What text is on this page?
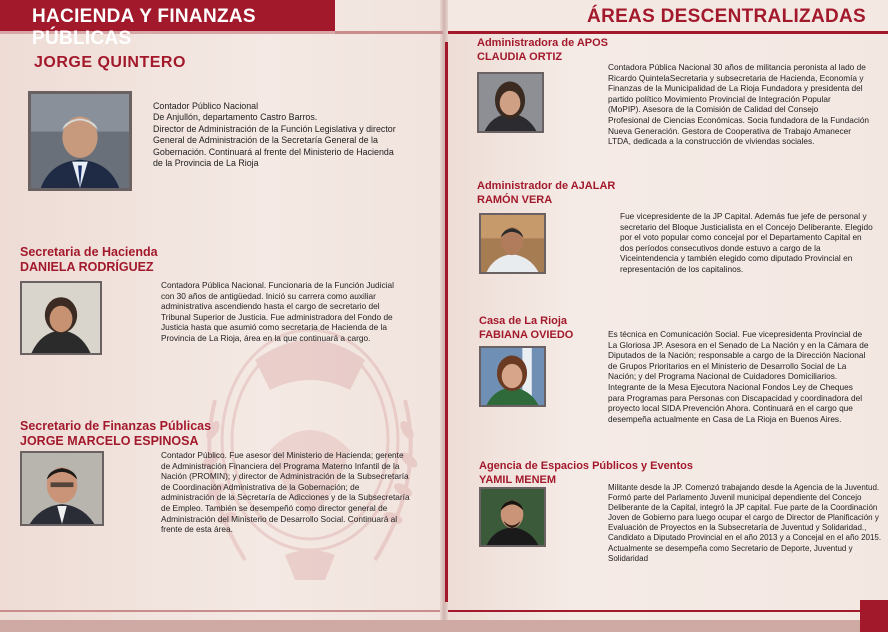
HACIENDA Y FINANZAS PÚBLICAS
ÁREAS DESCENTRALIZADAS
JORGE QUINTERO
Contador Público Nacional
De Anjullón, departamento Castro Barros.
Director de Administración de la Función Legislativa y director
General de Administración de la Secretaría General de la
Gobernación. Continuará al frente del Ministerio de Hacienda
de la Provincia de La Rioja
Secretaria de Hacienda
DANIELA RODRÍGUEZ
Contadora Pública Nacional. Funcionaria de la Función Judicial
con 30 años de antigüedad. Inició su carrera como auxiliar
administrativa ascendiendo hasta el cargo de secretario del
Tribunal Superior de Justicia. Fue administradora del Fondo de
Justicia hasta que asumió como secretaria de Hacienda de la
Provincia de La Rioja, área en la que continuará a cargo.
Secretario de Finanzas Públicas
JORGE MARCELO ESPINOSA
Contador Público. Fue asesor del Ministerio de Hacienda; gerente
de Administración Financiera del Programa Materno Infantil de la
Nación (PROMIN); y director de Administración de la Subsecretaría
de Coordinación Administrativa de la Gobernación; de
administración de la Secretaría de Adicciones y de la Subsecretaría
de Empleo. También se desempeñó como director general de
Administración del Ministerio de Desarrollo Social. Continuará al
frente de esta área.
Administradora de APOS
CLAUDIA ORTIZ
Contadora Pública Nacional 30 años de militancia peronista al lado de
Ricardo QuintelaSecretaria y subsecretaria de Hacienda, Economía y
Finanzas de la Municipalidad de La Rioja Fundadora y presidenta del
partido político Movimiento Provincial de Integración Popular
(MoPIP). Asesora de la Comisión de Calidad del Consejo
Profesional de Ciencias Económicas. Socia fundadora de la Fundación
Nueva Generación. Gestora de Cooperativa de Trabajo Amanecer
LTDA, dedicada a la construcción de viviendas sociales.
Administrador de AJALAR
RAMÓN VERA
Fue vicepresidente de la JP Capital. Además fue jefe de personal y
secretario del Bloque Justicialista en el Concejo Deliberante. Elegido
por el voto popular como concejal por el Departamento Capital en
dos períodos consecutivos donde estuvo a cargo de la
Viceintendencia y también elegido como diputado Provincial en
representación de los capitalinos.
Casa de La Rioja
FABIANA OVIEDO	Es técnica en Comunicación Social. Fue vicepresidenta Provincial de
La Gloriosa JP. Asesora en el Senado de La Nación y en la Cámara de
Diputados de la Nación; responsable a cargo de la Dirección Nacional
de Grupos Prioritarios en el Ministerio de Desarrollo Social de La
Nación; y del Programa Nacional de Cuidadores Domiciliarios.
Integrante de la Mesa Ejecutora Nacional Fondos Ley de Cheques
para Programas para Personas con Discapacidad y coordinadora del
proyecto local SIDA Prevención Ahora. Continuará en el cargo que
desempeña actualmente en Casa de La Rioja en Buenos Aires.
Agencia de Espacios Públicos y Eventos
YAMIL MENEM
Militante desde la JP. Comenzó trabajando desde la Agencia de la Juventud.
Formó parte del Parlamento Juvenil municipal dependiente del Concejo
Deliberante de la Capital, integró la JP capital. Fue parte de la Coordinación
Joven de Gobierno para luego ocupar el cargo de Director de Planificación y
Evaluación de Proyectos en la Subsecretaría de Juventud y Solidaridad.,
Candidato a Diputado Provincial en el año 2013 y a Concejal en el año 2015.
Actualmente se desempeña como Secretario de Deporte, Juventud y
Solidaridad
